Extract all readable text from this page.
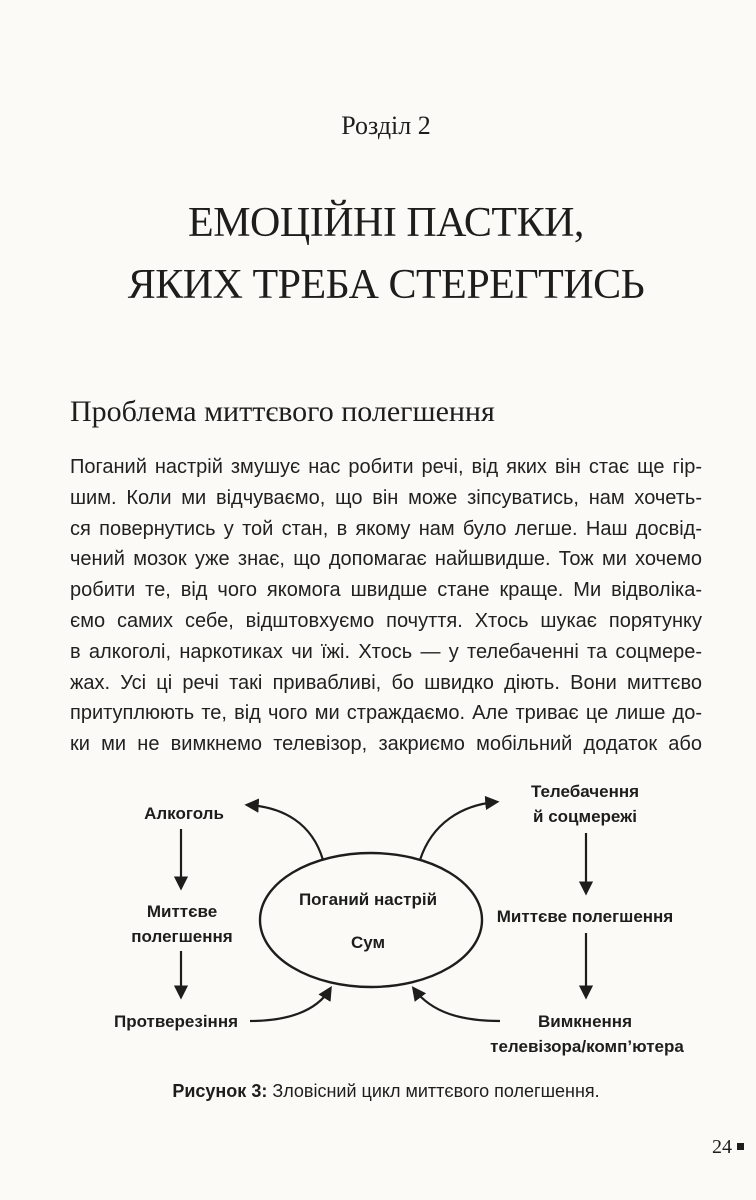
Розділ 2
ЕМОЦІЙНІ ПАСТКИ,
ЯКИХ ТРЕБА СТЕРЕГТИСЬ
Проблема миттєвого полегшення
Поганий настрій змушує нас робити речі, від яких він стає ще гір-
шим. Коли ми відчуваємо, що він може зіпсуватись, нам хочеть-
ся повернутись у той стан, в якому нам було легше. Наш досвід-
чений мозок уже знає, що допомагає найшвидше. Тож ми хочемо
робити те, від чого якомога швидше стане краще. Ми відволіка-
ємо самих себе, відштовхуємо почуття. Хтось шукає порятунку
в алкоголі, наркотиках чи їжі. Хтось — у телебаченні та соцмере-
жах. Усі ці речі такі привабливі, бо швидко діють. Вони миттєво
притуплюють те, від чого ми страждаємо. Але триває це лише до-
ки ми не вимкнемо телевізор, закриємо мобільний додаток або
Поганий настрій
Сум
Алкоголь
Миттєве
полегшення
Протверезіння
Телебачення
й соцмережі
Миттєве полегшення
Вимкнення
телевізора/комп’ютера
Рисунок 3: Зловісний цикл миттєвого полегшення.
24
